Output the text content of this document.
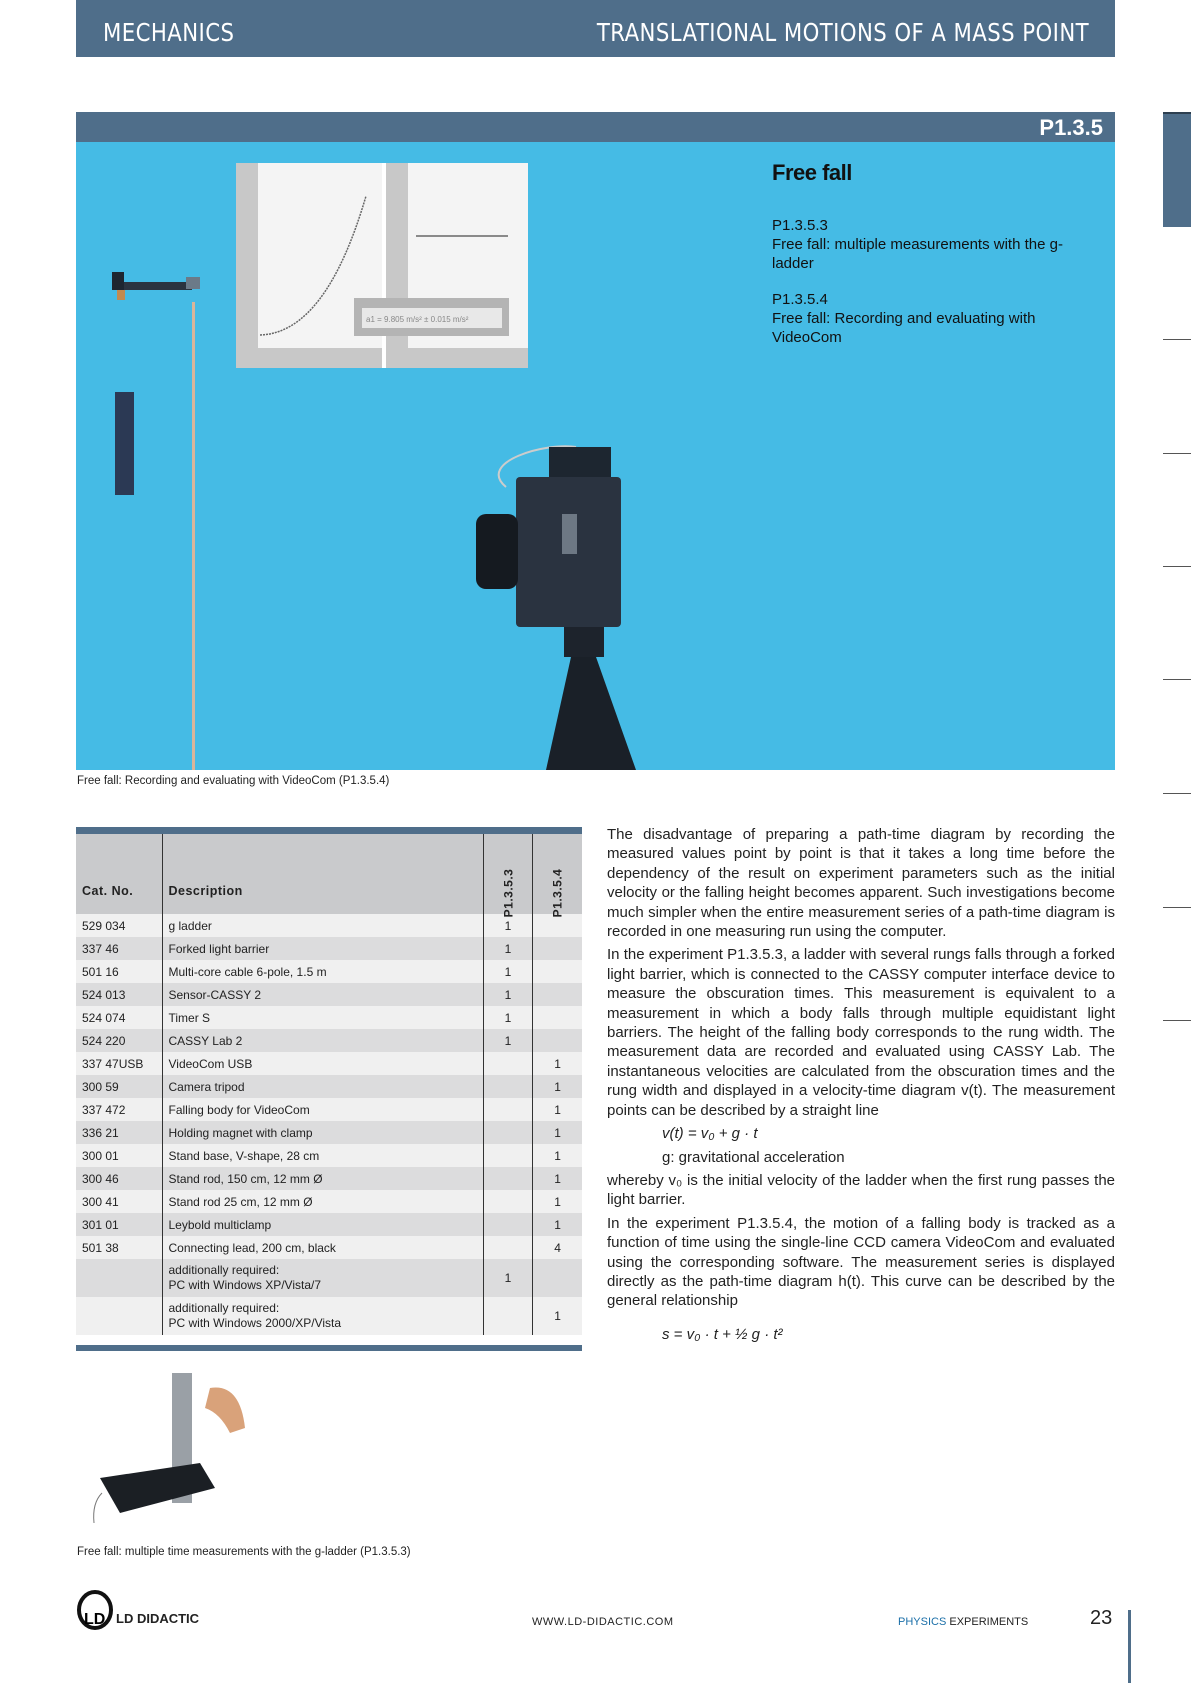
MECHANICS	TRANSLATIONAL MOTIONS OF A MASS POINT
P1.3.5
a1 = 9.805 m/s² ± 0.015 m/s²
Free fall
P1.3.5.3
Free fall: multiple measurements with the g-ladder
P1.3.5.4
Free fall: Recording and evaluating with VideoCom
Free fall: Recording and evaluating with VideoCom (P1.3.5.4)
Cat. No.	Description	P1.3.5.3	P1.3.5.4
529 034	g ladder	1	
337 46	Forked light barrier	1	
501 16	Multi-core cable 6-pole, 1.5 m	1	
524 013	Sensor-CASSY 2	1	
524 074	Timer S	1	
524 220	CASSY Lab 2	1	
337 47USB	VideoCom USB		1
300 59	Camera tripod		1
337 472	Falling body for VideoCom		1
336 21	Holding magnet with clamp		1
300 01	Stand base, V-shape, 28 cm		1
300 46	Stand rod, 150 cm, 12 mm Ø		1
300 41	Stand rod 25 cm, 12 mm Ø		1
301 01	Leybold multiclamp		1
501 38	Connecting lead, 200 cm, black		4

	additionally required:
PC with Windows XP/Vista/7	1	

	additionally required:
PC with Windows 2000/XP/Vista		1

The disadvantage of preparing a path-time diagram by recording the measured values point by point is that it takes a long time before the dependency of the result on experiment parameters such as the initial velocity or the falling height becomes apparent. Such investigations become much simpler when the entire measurement series of a path-time diagram is recorded in one measuring run using the computer.

In the experiment P1.3.5.3, a ladder with several rungs falls through a forked light barrier, which is connected to the CASSY computer interface device to measure the obscuration times. This measurement is equivalent to a measurement in which a body falls through multiple equidistant light barriers. The height of the falling body corresponds to the rung width. The measurement data are recorded and evaluated using CASSY Lab. The instantaneous velocities are calculated from the obscuration times and the rung width and displayed in a velocity-time diagram v(t). The measurement points can be described by a straight line

v(t) = v₀ + g · t
g: gravitational acceleration

whereby v₀ is the initial velocity of the ladder when the first rung passes the light barrier.

In the experiment P1.3.5.4, the motion of a falling body is tracked as a function of time using the single-line CCD camera VideoCom and evaluated using the corresponding software. The measurement series is displayed directly as the path-time diagram h(t). This curve can be described by the general relationship

s = v₀ · t + ½ g · t²
Free fall: multiple time measurements with the g-ladder (P1.3.5.3)
LD LD DIDACTIC	WWW.LD-DIDACTIC.COM	PHYSICS EXPERIMENTS	23
